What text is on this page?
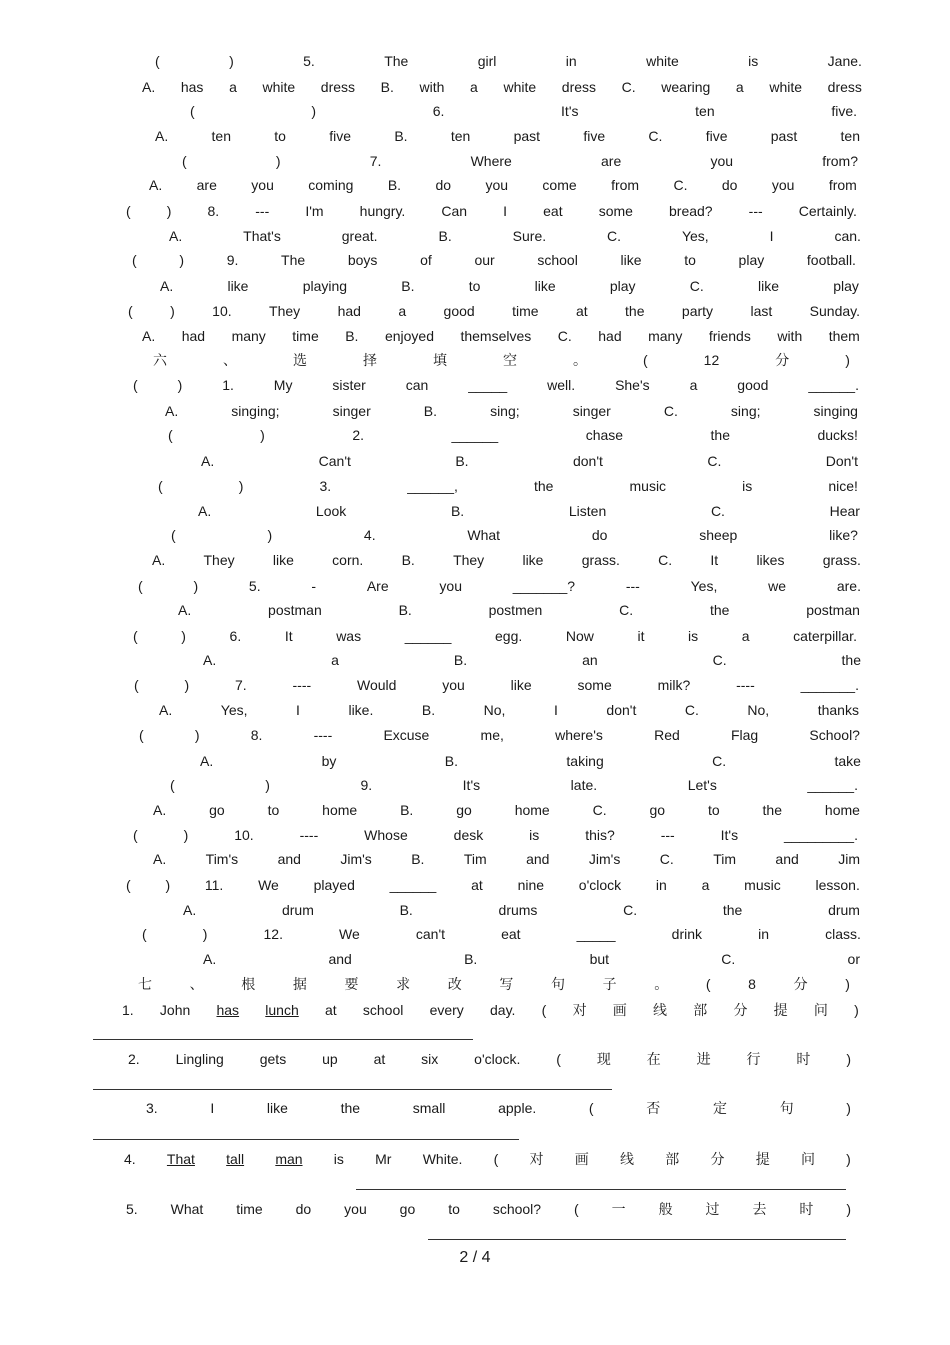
(	)	5.	The	girl	in	white	is	Jane.
A. has a white dress B. with a white dress C. wearing a white dress
(	)	6.	It's	ten	five.
A.	ten	to	five	B.	ten	past	five	C.	five	past	ten
(	)	7.	Where	are	you	from?
A. are you coming B. do you come from C. do you from
(	)	8.	---	I'm	hungry.	Can	I	eat	some	bread?	---	Certainly.
A.	That's	great.	B.	Sure.	C.	Yes,	I	can.
(	)	9.	The	boys	of	our	school	like	to	play	football.
A.	like	playing	B.	to	like	play	C.	like	play
(	)	10.	They	had	a	good	time	at	the	party	last	Sunday.
A. had many time B. enjoyed themselves C. had many friends with them
六	、	选	择	填	空	。	(	12	分	)
(	)	1.	My	sister	can	_____	well.	She's	a	good	______.
A.	singing;	singer	B.	sing;	singer	C.	sing;	singing
(	)	2.	______	chase	the	ducks!
A.	Can't	B.	don't	C.	Don't
(	)	3.	______,	the	music	is	nice!
A.	Look	B.	Listen	C.	Hear
(	)	4.	What	do	sheep	like?
A.	They	like	corn.	B.	They	like	grass.	C.	It	likes	grass.
(	)	5.	-	Are	you	_______?	---	Yes,	we	are.
A.	postman	B.	postmen	C.	the	postman
(	)	6.	It	was	______	egg.	Now	it	is	a	caterpillar.
A.	a	B.	an	C.	the
(	)	7.	----	Would	you	like	some	milk?	----	_______.
A.	Yes,	I	like.	B.	No,	I	don't	C.	No,	thanks
(	)	8.	----	Excuse	me,	where's	Red	Flag	School?
A.	by	B.	taking	C.	take
(	)	9.	It's	late.	Let's	______.
A.	go	to	home	B.	go	home	C.	go	to	the	home
(	)	10.	----	Whose	desk	is	this?	---	It's	_________.
A.	Tim's	and	Jim's	B.	Tim	and	Jim's	C.	Tim	and	Jim
( ) 11. We played ______ at nine o'clock in a music lesson.
A.	drum	B.	drums	C.	the	drum
(	)	12.	We	can't	eat	_____	drink	in	class.
A.	and	B.	but	C.	or
七	、	根	据	要	求	改	写	句	子	。	(	8	分	)
1. John has lunch at school every day. ( 对 画 线 部 分 提 问 )
2.	Lingling	gets	up	at	six	o'clock.	(	现	在	进	行	时	)
3.	I	like	the	small	apple.	(	否	定	句	)
4. That tall man is Mr White. ( 对 画 线 部 分 提 问 )
5. What time do you go to school? ( 一 般 过 去 时 )
2 / 4
